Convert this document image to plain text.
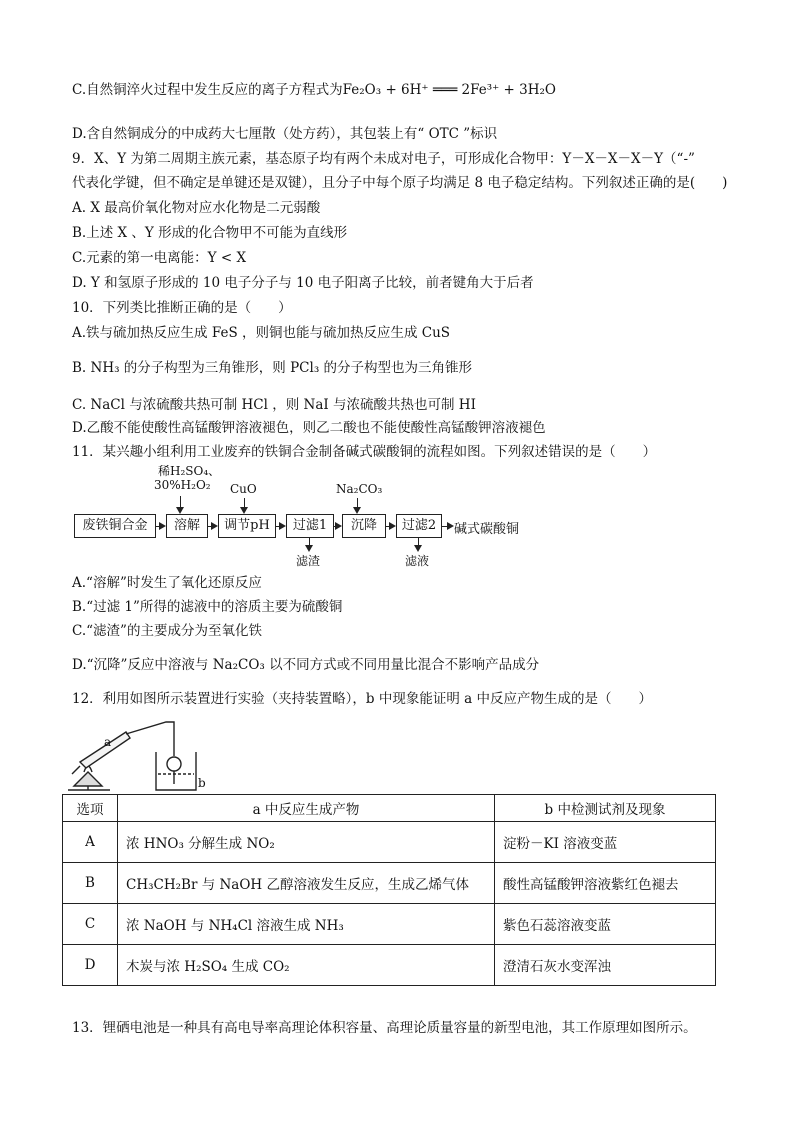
C.自然铜淬火过程中发生反应的离子方程式为Fe₂O₃ + 6H⁺ ═══ 2Fe³⁺ + 3H₂O
D.含自然铜成分的中成药大七厘散（处方药），其包装上有“ OTC ”标识
9．X、Y 为第二周期主族元素，基态原子均有两个未成对电子，可形成化合物甲：Y－X－X－X－Y（“-”
代表化学键，但不确定是单键还是双键），且分子中每个原子均满足 8 电子稳定结构。下列叙述正确的是(　　)
A. X 最高价氧化物对应水化物是二元弱酸
B.上述 X 、Y 形成的化合物甲不可能为直线形
C.元素的第一电离能：Y < X
D. Y 和氢原子形成的 10 电子分子与 10 电子阳离子比较，前者键角大于后者
10．下列类比推断正确的是（　　）
A.铁与硫加热反应生成 FeS ，则铜也能与硫加热反应生成 CuS
B. NH₃ 的分子构型为三角锥形，则 PCl₃ 的分子构型也为三角锥形
C. NaCl 与浓硫酸共热可制 HCl ，则 NaI 与浓硫酸共热也可制 HI
D.乙酸不能使酸性高锰酸钾溶液褪色，则乙二酸也不能使酸性高锰酸钾溶液褪色
11．某兴趣小组利用工业废弃的铁铜合金制备碱式碳酸铜的流程如图。下列叙述错误的是（　　）
A.“溶解”时发生了氧化还原反应
B.“过滤 1”所得的滤液中的溶质主要为硫酸铜
C.“滤渣”的主要成分为至氧化铁
D.“沉降”反应中溶液与 Na₂CO₃ 以不同方式或不同用量比混合不影响产品成分
12．利用如图所示装置进行实验（夹持装置略），b 中现象能证明 a 中反应产物生成的是（　　）
13．锂硒电池是一种具有高电导率高理论体积容量、高理论质量容量的新型电池，其工作原理如图所示。
稀H₂SO₄、
30%H₂O₂ CuO	Na₂CO₃
废铁铜合金	溶解	调节pH	过滤1	沉降	过滤2	碱式碳酸铜
滤渣	滤液
a
b
选项	a 中反应生成产物	b 中检测试剂及现象
A	浓 HNO₃ 分解生成 NO₂	淀粉－KI 溶液变蓝
B	CH₃CH₂Br 与 NaOH 乙醇溶液发生反应，生成乙烯气体	酸性高锰酸钾溶液紫红色褪去
C	浓 NaOH 与 NH₄Cl 溶液生成 NH₃	紫色石蕊溶液变蓝
D	木炭与浓 H₂SO₄ 生成 CO₂	澄清石灰水变浑浊
